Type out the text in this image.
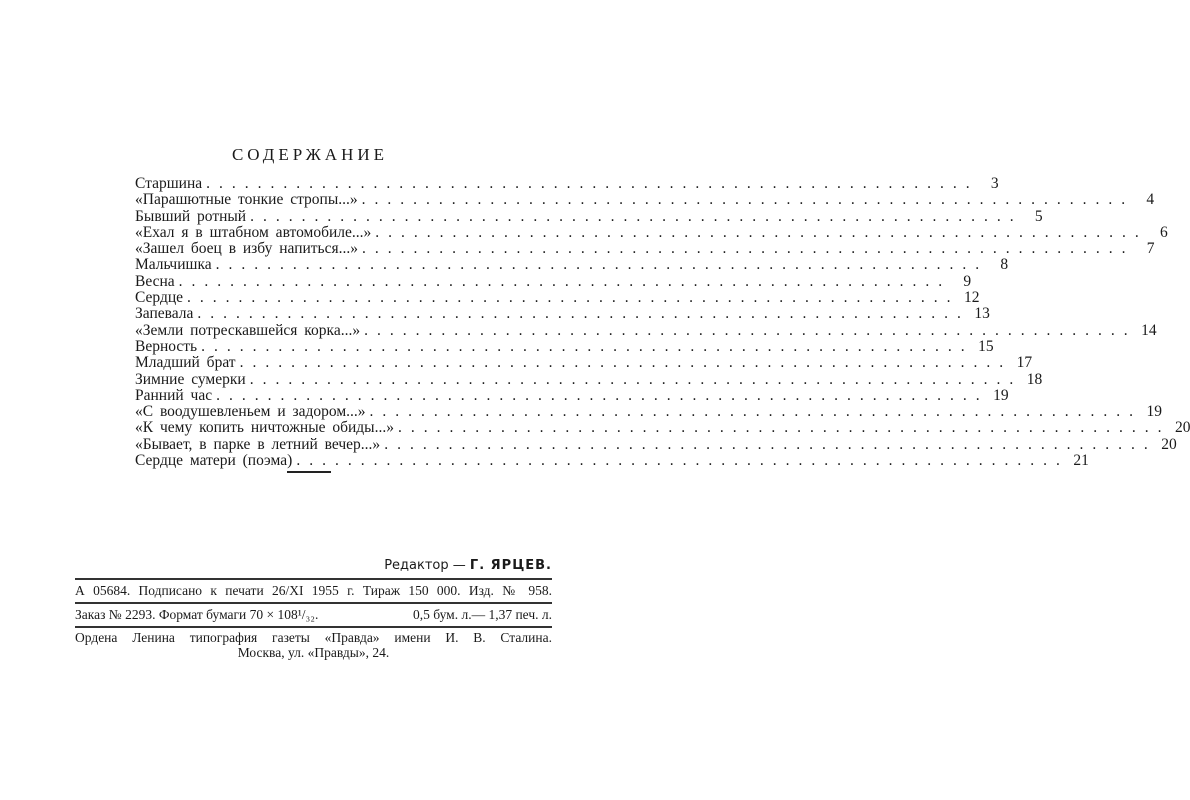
СОДЕРЖАНИЕ
Старшина ............................................................ 3
«Парашютные тонкие стропы...» ............................................................ 4
Бывший ротный ............................................................ 5
«Ехал я в штабном автомобиле...» ............................................................ 6
«Зашел боец в избу напиться...» ............................................................ 7
Мальчишка ............................................................ 8
Весна ............................................................ 9
Сердце ............................................................ 12
Запевала ............................................................ 13
«Земли потрескавшейся корка...» ............................................................ 14
Верность ............................................................ 15
Младший брат ............................................................ 17
Зимние сумерки ............................................................ 18
Ранний час ............................................................ 19
«С воодушевленьем и задором...» ............................................................ 19
«К чему копить ничтожные обиды...» ............................................................ 20
«Бывает, в парке в летний вечер...» ............................................................ 20
Сердце матери (поэма) ............................................................ 21
Редактор — Г. ЯРЦЕВ.
А 05684. Подписано к печати 26/XI 1955 г. Тираж 150 000. Изд. № 958.
Заказ № 2293. Формат бумаги 70 × 108¹/₃₂.	0,5 бум. л.— 1,37 печ. л.
Ордена Ленина типография газеты «Правда» имени И. В. Сталина.
Москва, ул. «Правды», 24.
